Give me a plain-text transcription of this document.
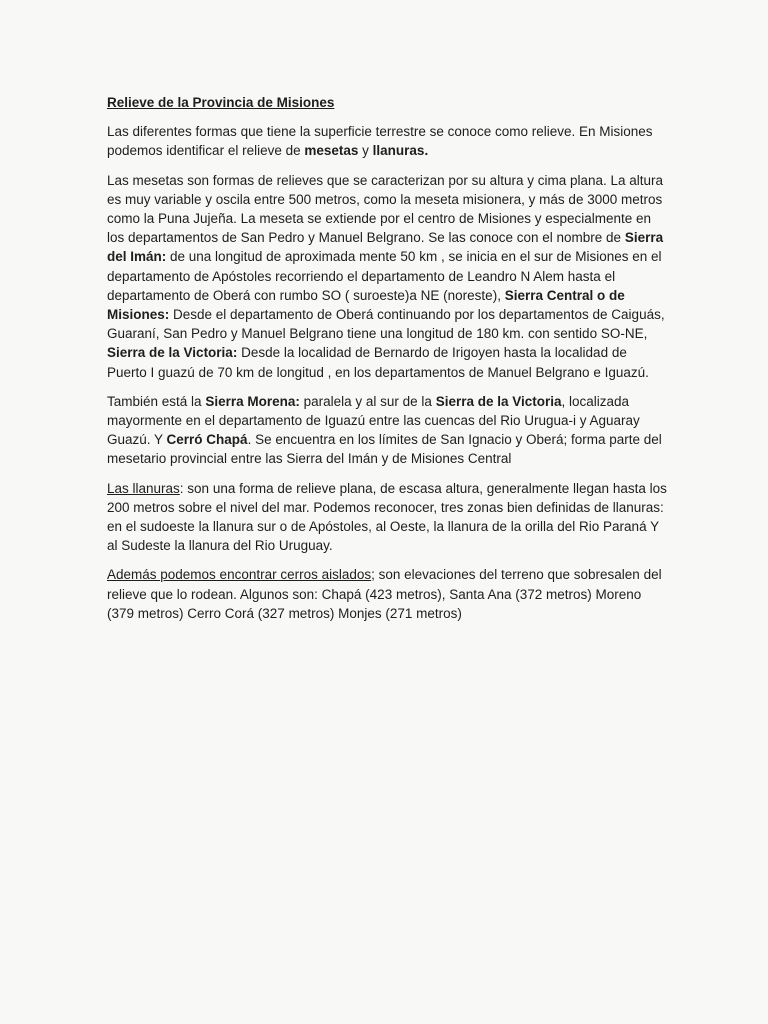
Relieve de la Provincia de Misiones

Las diferentes formas que tiene la superficie terrestre se conoce como relieve. En Misiones podemos identificar el relieve de mesetas y llanuras.

Las mesetas son formas de relieves que se caracterizan por su altura y cima plana. La altura es muy variable y oscila entre 500 metros, como la meseta misionera, y más de 3000 metros como la Puna Jujeña. La meseta se extiende por el centro de Misiones y especialmente en los departamentos de San Pedro y Manuel Belgrano. Se las conoce con el nombre de Sierra del Imán: de una longitud de aproximada mente 50 km , se inicia en el sur de Misiones en el departamento de Apóstoles recorriendo el departamento de Leandro N Alem hasta el departamento de Oberá con rumbo SO ( suroeste)a NE (noreste), Sierra Central o de Misiones: Desde el departamento de Oberá continuando por los departamentos de Caiguás, Guaraní, San Pedro y Manuel Belgrano tiene una longitud de 180 km. con sentido SO-NE, Sierra de la Victoria: Desde la localidad de Bernardo de Irigoyen hasta la localidad de Puerto I guazú de 70 km de longitud , en los departamentos de Manuel Belgrano e Iguazú.

También está la Sierra Morena: paralela y al sur de la Sierra de la Victoria, localizada mayormente en el departamento de Iguazú entre las cuencas del Rio Urugua-i y Aguaray Guazú. Y Cerró Chapá. Se encuentra en los límites de San Ignacio y Oberá; forma parte del mesetario provincial entre las Sierra del Imán y de Misiones Central

Las llanuras: son una forma de relieve plana, de escasa altura, generalmente llegan hasta los 200 metros sobre el nivel del mar. Podemos reconocer, tres zonas bien definidas de llanuras: en el sudoeste la llanura sur o de Apóstoles, al Oeste, la llanura de la orilla del Rio Paraná Y al Sudeste la llanura del Rio Uruguay.

Además podemos encontrar cerros aislados; son elevaciones del terreno que sobresalen del relieve que lo rodean. Algunos son: Chapá (423 metros), Santa Ana (372 metros) Moreno (379 metros) Cerro Corá (327 metros) Monjes (271 metros)
